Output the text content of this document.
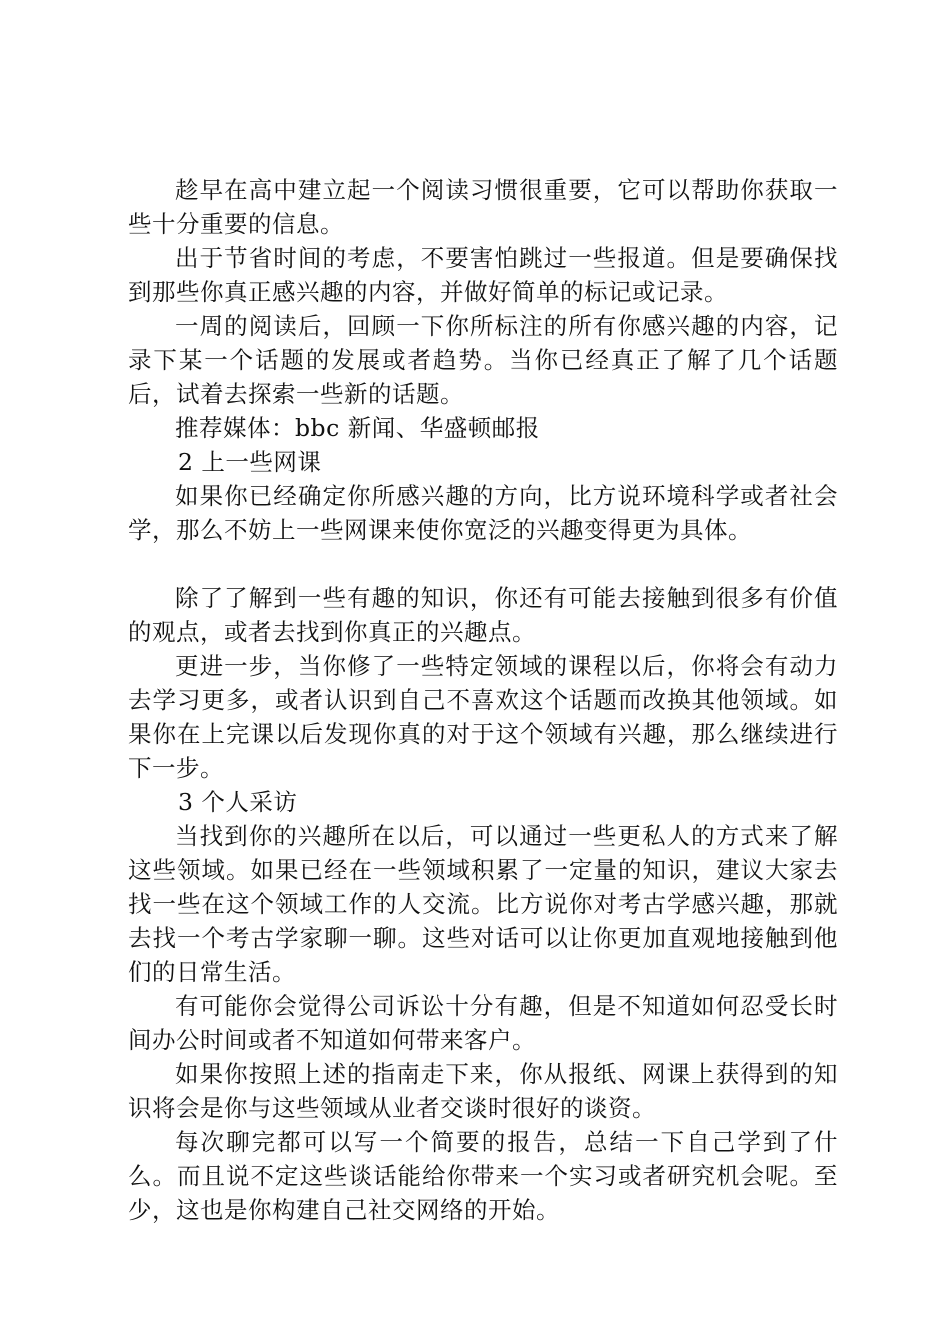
趁早在高中建立起一个阅读习惯很重要，它可以帮助你获取一些十分重要的信息。

出于节省时间的考虑，不要害怕跳过一些报道。但是要确保找到那些你真正感兴趣的内容，并做好简单的标记或记录。

一周的阅读后，回顾一下你所标注的所有你感兴趣的内容，记录下某一个话题的发展或者趋势。当你已经真正了解了几个话题后，试着去探索一些新的话题。

推荐媒体：bbc 新闻、华盛顿邮报

2 上一些网课

如果你已经确定你所感兴趣的方向，比方说环境科学或者社会学，那么不妨上一些网课来使你宽泛的兴趣变得更为具体。

除了了解到一些有趣的知识，你还有可能去接触到很多有价值的观点，或者去找到你真正的兴趣点。

更进一步，当你修了一些特定领域的课程以后，你将会有动力去学习更多，或者认识到自己不喜欢这个话题而改换其他领域。如果你在上完课以后发现你真的对于这个领域有兴趣，那么继续进行下一步。

3 个人采访

当找到你的兴趣所在以后，可以通过一些更私人的方式来了解这些领域。如果已经在一些领域积累了一定量的知识，建议大家去找一些在这个领域工作的人交流。比方说你对考古学感兴趣，那就去找一个考古学家聊一聊。这些对话可以让你更加直观地接触到他们的日常生活。

有可能你会觉得公司诉讼十分有趣，但是不知道如何忍受长时间办公时间或者不知道如何带来客户。

如果你按照上述的指南走下来，你从报纸、网课上获得到的知识将会是你与这些领域从业者交谈时很好的谈资。

每次聊完都可以写一个简要的报告，总结一下自己学到了什么。而且说不定这些谈话能给你带来一个实习或者研究机会呢。至少，这也是你构建自己社交网络的开始。
